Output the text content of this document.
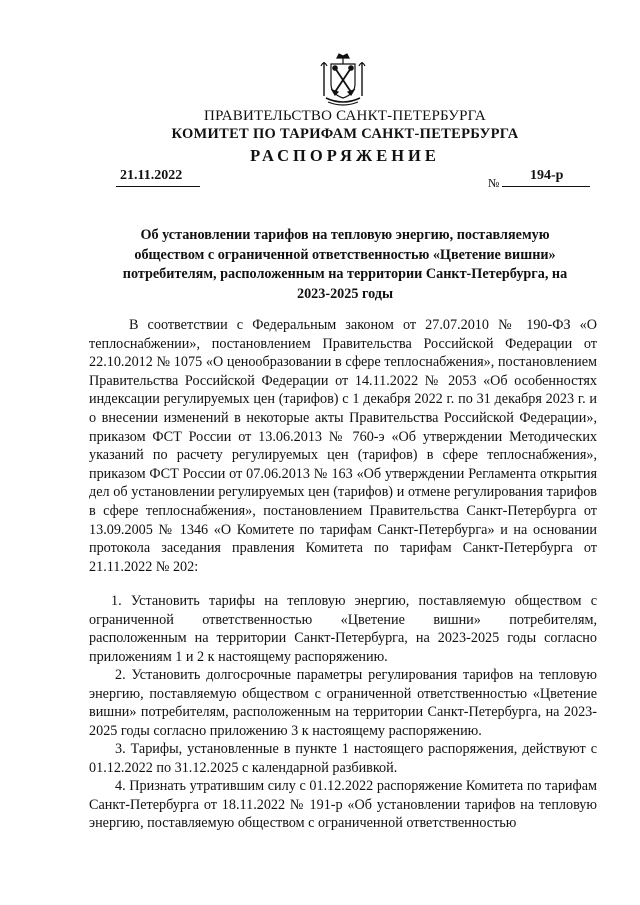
ПРАВИТЕЛЬСТВО САНКТ-ПЕТЕРБУРГА
КОМИТЕТ ПО ТАРИФАМ САНКТ-ПЕТЕРБУРГА
РАСПОРЯЖЕНИЕ
21.11.2022	№	194-р
Об установлении тарифов на тепловую энергию, поставляемую обществом с ограниченной ответственностью «Цветение вишни» потребителям, расположенным на территории Санкт-Петербурга, на 2023-2025 годы

В соответствии с Федеральным законом от 27.07.2010 № 190-ФЗ «О теплоснабжении», постановлением Правительства Российской Федерации от 22.10.2012 № 1075 «О ценообразовании в сфере теплоснабжения», постановлением Правительства Российской Федерации от 14.11.2022 № 2053 «Об особенностях индексации регулируемых цен (тарифов) с 1 декабря 2022 г. по 31 декабря 2023 г. и о внесении изменений в некоторые акты Правительства Российской Федерации», приказом ФСТ России от 13.06.2013 № 760-э «Об утверждении Методических указаний по расчету регулируемых цен (тарифов) в сфере теплоснабжения», приказом ФСТ России от 07.06.2013 № 163 «Об утверждении Регламента открытия дел об установлении регулируемых цен (тарифов) и отмене регулирования тарифов в сфере теплоснабжения», постановлением Правительства Санкт-Петербурга от 13.09.2005 № 1346 «О Комитете по тарифам Санкт-Петербурга» и на основании протокола заседания правления Комитета по тарифам Санкт-Петербурга от 21.11.2022 № 202:

1. Установить тарифы на тепловую энергию, поставляемую обществом с ограниченной ответственностью «Цветение вишни» потребителям, расположенным на территории Санкт-Петербурга, на 2023-2025 годы согласно приложениям 1 и 2 к настоящему распоряжению.

2. Установить долгосрочные параметры регулирования тарифов на тепловую энергию, поставляемую обществом с ограниченной ответственностью «Цветение вишни» потребителям, расположенным на территории Санкт-Петербурга, на 2023-2025 годы согласно приложению 3 к настоящему распоряжению.

3. Тарифы, установленные в пункте 1 настоящего распоряжения, действуют с 01.12.2022 по 31.12.2025 с календарной разбивкой.

4. Признать утратившим силу с 01.12.2022 распоряжение Комитета по тарифам Санкт-Петербурга от 18.11.2022 № 191-р «Об установлении тарифов на тепловую энергию, поставляемую обществом с ограниченной ответственностью
